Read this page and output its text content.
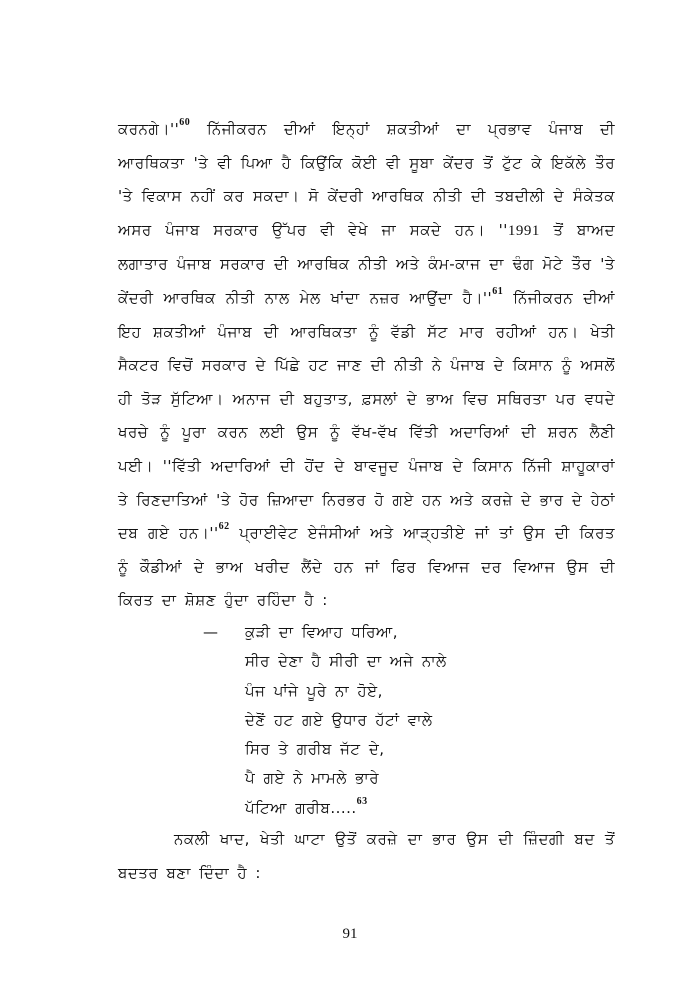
ਕਰਨਗੇ।''$^{60}$ ਨਿੱਜੀਕਰਨ ਦੀਆਂ ਇਨ੍ਹਾਂ ਸ਼ਕਤੀਆਂ ਦਾ ਪ੍ਰਭਾਵ ਪੰਜਾਬ ਦੀ ਆਰਥਿਕਤਾ 'ਤੇ ਵੀ ਪਿਆ ਹੈ ਕਿਉਂਕਿ ਕੋਈ ਵੀ ਸੂਬਾ ਕੇਂਦਰ ਤੋਂ ਟੁੱਟ ਕੇ ਇਕੱਲੇ ਤੌਰ 'ਤੇ ਵਿਕਾਸ ਨਹੀਂ ਕਰ ਸਕਦਾ। ਸੋ ਕੇਂਦਰੀ ਆਰਥਿਕ ਨੀਤੀ ਦੀ ਤਬਦੀਲੀ ਦੇ ਸੰਕੇਤਕ ਅਸਰ ਪੰਜਾਬ ਸਰਕਾਰ ਉੱਪਰ ਵੀ ਵੇਖੇ ਜਾ ਸਕਦੇ ਹਨ। ''1991 ਤੋਂ ਬਾਅਦ ਲਗਾਤਾਰ ਪੰਜਾਬ ਸਰਕਾਰ ਦੀ ਆਰਥਿਕ ਨੀਤੀ ਅਤੇ ਕੰਮ-ਕਾਜ ਦਾ ਢੰਗ ਮੋਟੇ ਤੌਰ 'ਤੇ ਕੇਂਦਰੀ ਆਰਥਿਕ ਨੀਤੀ ਨਾਲ ਮੇਲ ਖਾਂਦਾ ਨਜ਼ਰ ਆਉਂਦਾ ਹੈ।''$^{61}$ ਨਿੱਜੀਕਰਨ ਦੀਆਂ ਇਹ ਸ਼ਕਤੀਆਂ ਪੰਜਾਬ ਦੀ ਆਰਥਿਕਤਾ ਨੂੰ ਵੱਡੀ ਸੱਟ ਮਾਰ ਰਹੀਆਂ ਹਨ। ਖੇਤੀ ਸੈਕਟਰ ਵਿਚੋਂ ਸਰਕਾਰ ਦੇ ਪਿੱਛੇ ਹਟ ਜਾਣ ਦੀ ਨੀਤੀ ਨੇ ਪੰਜਾਬ ਦੇ ਕਿਸਾਨ ਨੂੰ ਅਸਲੋਂ ਹੀ ਤੋੜ ਸੁੱਟਿਆ। ਅਨਾਜ ਦੀ ਬਹੁਤਾਤ, ਫ਼ਸਲਾਂ ਦੇ ਭਾਅ ਵਿਚ ਸਥਿਰਤਾ ਪਰ ਵਧਦੇ ਖਰਚੇ ਨੂੰ ਪੂਰਾ ਕਰਨ ਲਈ ਉਸ ਨੂੰ ਵੱਖ-ਵੱਖ ਵਿੱਤੀ ਅਦਾਰਿਆਂ ਦੀ ਸ਼ਰਨ ਲੈਣੀ ਪਈ। ''ਵਿੱਤੀ ਅਦਾਰਿਆਂ ਦੀ ਹੋਂਦ ਦੇ ਬਾਵਜੂਦ ਪੰਜਾਬ ਦੇ ਕਿਸਾਨ ਨਿੱਜੀ ਸ਼ਾਹੂਕਾਰਾਂ ਤੇ ਰਿਣਦਾਤਿਆਂ 'ਤੇ ਹੋਰ ਜ਼ਿਆਦਾ ਨਿਰਭਰ ਹੋ ਗਏ ਹਨ ਅਤੇ ਕਰਜ਼ੇ ਦੇ ਭਾਰ ਦੇ ਹੇਠਾਂ ਦਬ ਗਏ ਹਨ।''$^{62}$ ਪ੍ਰਾਈਵੇਟ ਏਜੰਸੀਆਂ ਅਤੇ ਆੜ੍ਹਤੀਏ ਜਾਂ ਤਾਂ ਉਸ ਦੀ ਕਿਰਤ ਨੂੰ ਕੌਡੀਆਂ ਦੇ ਭਾਅ ਖਰੀਦ ਲੈਂਦੇ ਹਨ ਜਾਂ ਫਿਰ ਵਿਆਜ ਦਰ ਵਿਆਜ ਉਸ ਦੀ ਕਿਰਤ ਦਾ ਸ਼ੋਸ਼ਣ ਹੁੰਦਾ ਰਹਿੰਦਾ ਹੈ :
— ਕੁੜੀ ਦਾ ਵਿਆਹ ਧਰਿਆ,
ਸੀਰ ਦੇਣਾ ਹੈ ਸੀਰੀ ਦਾ ਅਜੇ ਨਾਲੇ
ਪੰਜ ਪਾਂਜੇ ਪੂਰੇ ਨਾ ਹੋਏ,
ਦੇਣੋਂ ਹਟ ਗਏ ਉਧਾਰ ਹੱਟਾਂ ਵਾਲੇ
ਸਿਰ ਤੇ ਗਰੀਬ ਜੱਟ ਦੇ,
ਪੈ ਗਏ ਨੇ ਮਾਮਲੇ ਭਾਰੇ
ਪੱਟਿਆ ਗਰੀਬ.....$^{63}$
ਨਕਲੀ ਖਾਦ, ਖੇਤੀ ਘਾਟਾ ਉਤੋਂ ਕਰਜ਼ੇ ਦਾ ਭਾਰ ਉਸ ਦੀ ਜ਼ਿੰਦਗੀ ਬਦ ਤੋਂ ਬਦਤਰ ਬਣਾ ਦਿੰਦਾ ਹੈ :
91
